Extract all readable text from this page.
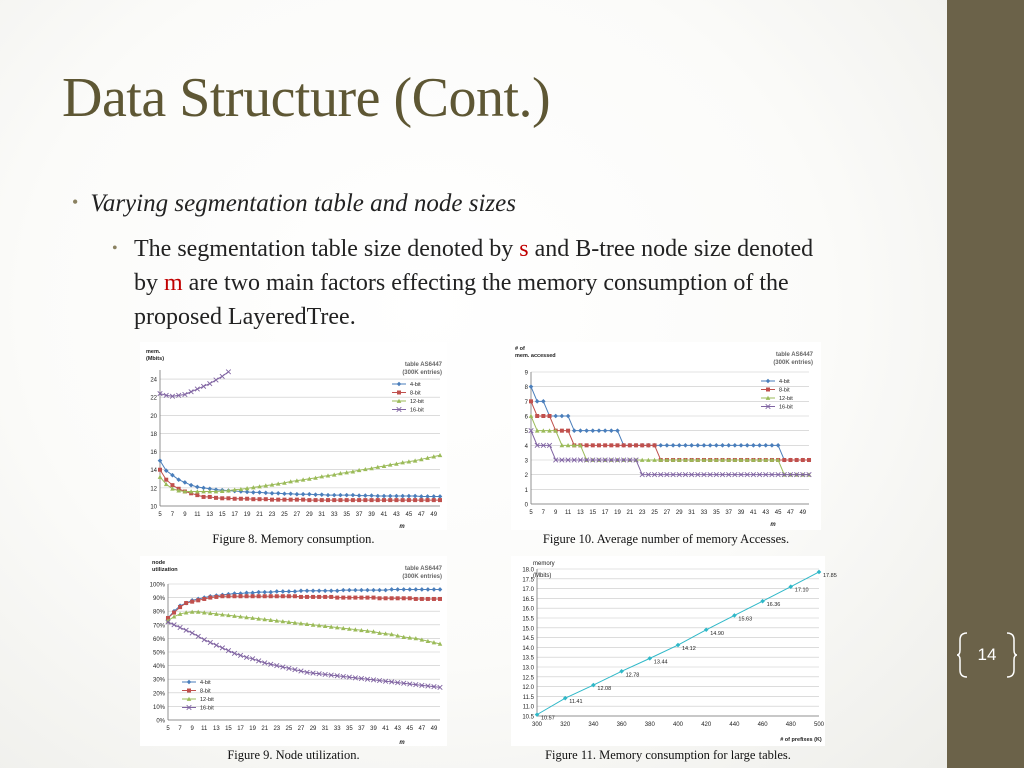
Data Structure (Cont.)
• Varying segmentation table and node sizes
• The segmentation table size denoted by s and B-tree node size denoted by m are two main factors effecting the memory consumption of the proposed LayeredTree.
10
12
14
16
18
20
22
24
5 7 9 11 13 15 17 19 21 23 25 27 29 31 33 35 37 39 41 43 45 47 49
mem.
(Mbits)
m
table AS6447
(300K entries)
4-bit
8-bit
12-bit
16-bit
Figure 8. Memory consumption.
0
1
2
3
4
5
6
7
8
9
5 7 9 11 13 15 17 19 21 23 25 27 29 31 33 35 37 39 41 43 45 47 49
# of
mem. accessed
m
table AS6447
(300K entries)
4-bit
8-bit
12-bit
16-bit
Figure 10. Average number of memory Accesses.
0%
10%
20%
30%
40%
50%
60%
70%
80%
90%
100%
5 7 9 11 13 15 17 19 21 23 25 27 29 31 33 35 37 39 41 43 45 47 49
node
utilization
m
table AS6447
(300K entries)
4-bit
8-bit
12-bit
16-bit
Figure 9. Node utilization.
10.5
11.0
11.5
12.0
12.5
13.0
13.5
14.0
14.5
15.0
15.5
16.0
16.5
17.0
17.5
18.0
300	320	340	360	380	400	420	440	460	480	500
memory
(Mbits)
# of prefixes (K)
10.57
11.41
12.08
12.78
13.44
14.12
14.90
15.63
16.36
17.10
17.85
Figure 11. Memory consumption for large tables.
14
